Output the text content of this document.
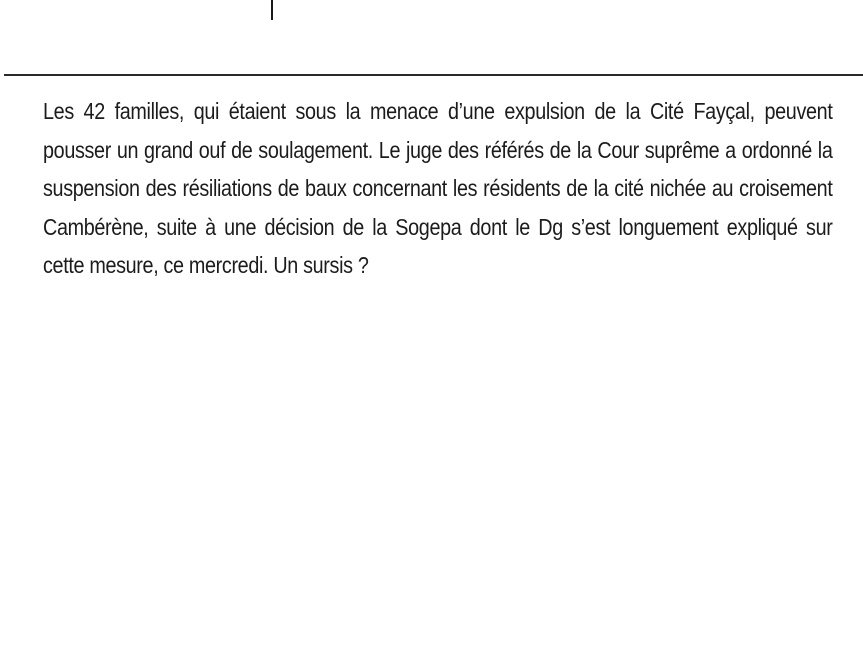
Les 42 familles, qui étaient sous la menace d’une expulsion de la Cité Fayçal, peuvent pousser un grand ouf de soulagement. Le juge des référés de la Cour suprême a ordonné la suspension des résiliations de baux concernant les résidents de la cité nichée au croisement Cambérène, suite à une décision de la Sogepa dont le Dg s’est longuement expliqué sur cette mesure, ce mercredi. Un sursis ?
